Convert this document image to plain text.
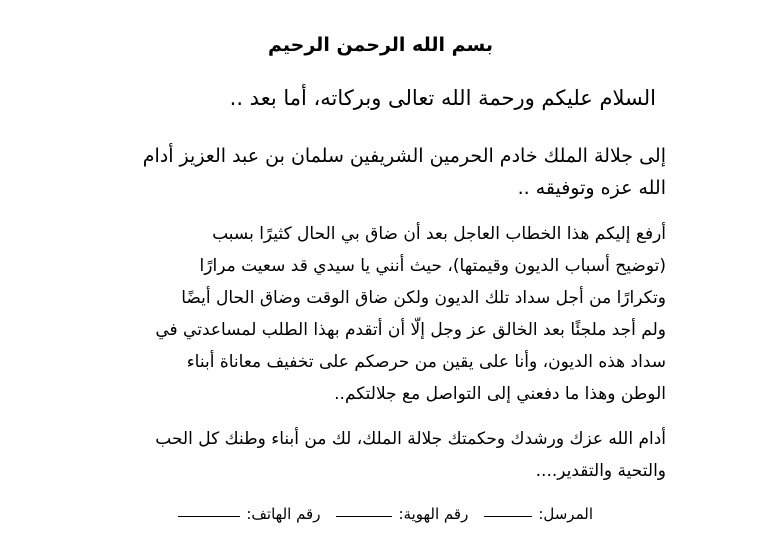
بسم الله الرحمن الرحيم
السلام عليكم ورحمة الله تعالى وبركاته، أما بعد ..
إلى جلالة الملك خادم الحرمين الشريفين سلمان بن عبد العزيز أدام
الله عزه وتوفيقه ..
أرفع إليكم هذا الخطاب العاجل بعد أن ضاق بي الحال كثيرًا بسبب
(توضيح أسباب الديون وقيمتها)، حيث أنني يا سيدي قد سعيت مرارًا
وتكرارًا من أجل سداد تلك الديون ولكن ضاق الوقت وضاق الحال أيضًا
ولم أجد ملجئًا بعد الخالق عز وجل إلّا أن أتقدم بهذا الطلب لمساعدتي في
سداد هذه الديون، وأنا على يقين من حرصكم على تخفيف معاناة أبناء
الوطن وهذا ما دفعني إلى التواصل مع جلالتكم..
أدام الله عزك ورشدك وحكمتك جلالة الملك، لك من أبناء وطنك كل الحب
والتحية والتقدير....
المرسل:
رقم الهوية:
رقم الهاتف:
